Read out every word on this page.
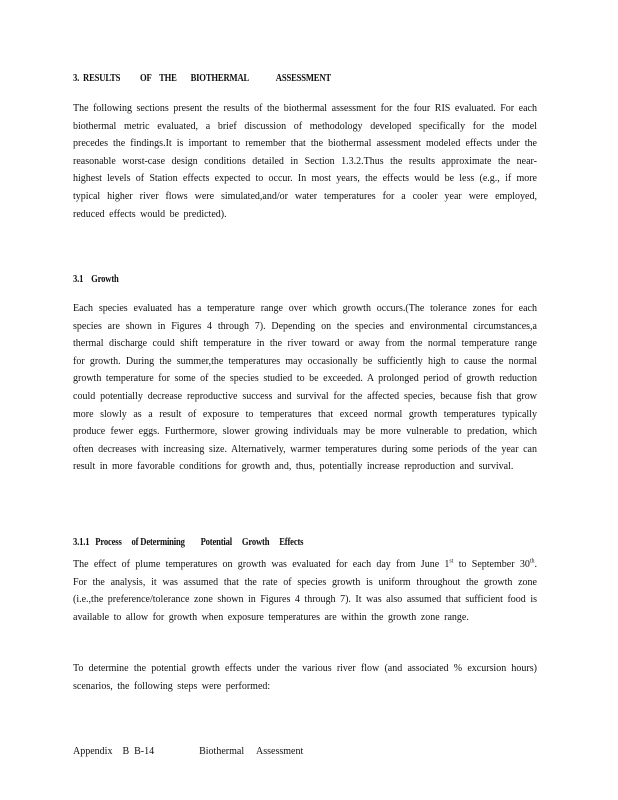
3.  RESULTS          OF    THE       BIOTHERMAL              ASSESSMENT

The following sections present the results of the biothermal assessment for the four RIS evaluated. For each biothermal metric evaluated, a brief discussion of methodology developed specifically for the model precedes the findings.It is important to remember that the biothermal assessment modeled effects under the reasonable worst-case design conditions detailed in Section 1.3.2.Thus the results approximate the near-highest levels of Station effects expected to occur. In most years, the effects would be less (e.g., if more typical higher river flows were simulated,and/or water temperatures for a cooler year were employed, reduced effects would be predicted).

3.1    Growth

Each species evaluated has a temperature range over which growth occurs.(The tolerance zones for each species are shown in Figures 4 through 7). Depending on the species and environmental circumstances,a thermal discharge could shift temperature in the river toward or away from the normal temperature range for growth. During the summer,the temperatures may occasionally be sufficiently high to cause the normal growth temperature for some of the species studied to be exceeded. A prolonged period of growth reduction could potentially decrease reproductive success and survival for the affected species, because fish that grow more slowly as a result of exposure to temperatures that exceed normal growth temperatures typically produce fewer eggs. Furthermore, slower growing individuals may be more vulnerable to predation, which often decreases with increasing size. Alternatively, warmer temperatures during some periods of the year can result in more favorable conditions for growth and, thus, potentially increase reproduction and survival.

3.1.1   Process     of Determining        Potential     Growth     Effects

The effect of plume temperatures on growth was evaluated for each day from June 1st to September 30th. For the analysis, it was assumed that the rate of species growth is uniform throughout the growth zone (i.e.,the preference/tolerance zone shown in Figures 4 through 7). It was also assumed that sufficient food is available to allow for growth when exposure temperatures are within the growth zone range.

To determine the potential growth effects under the various river flow (and associated % excursion hours) scenarios, the following steps were performed:

Appendix    B  B-14                  Biothermal     Assessment
